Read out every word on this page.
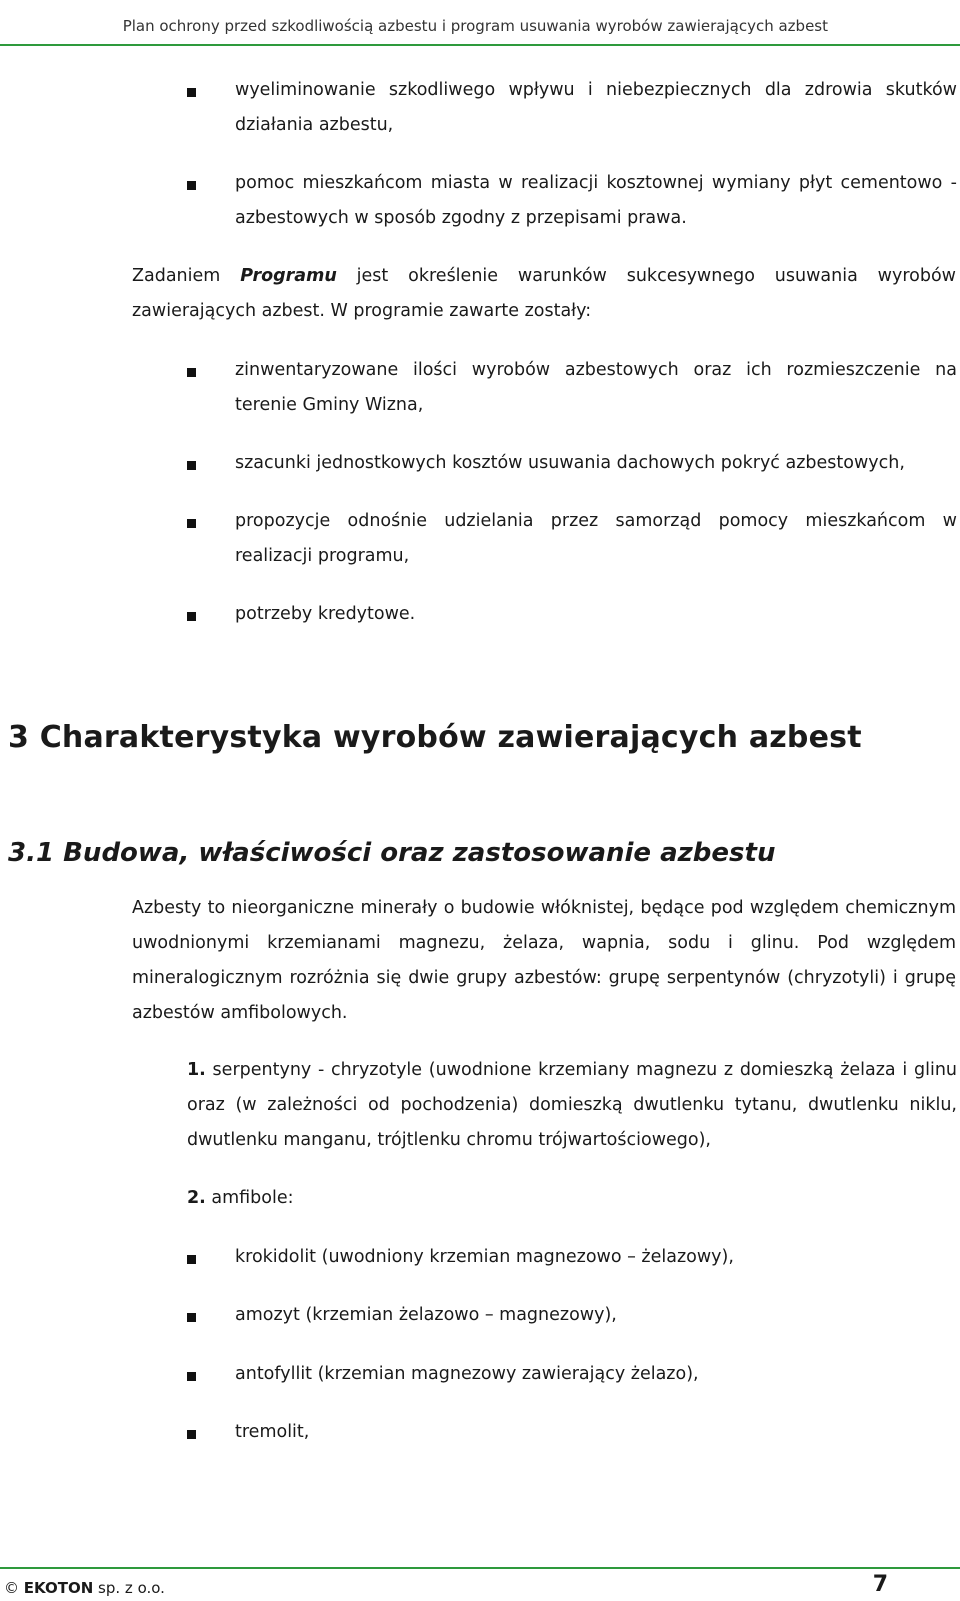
Plan ochrony przed szkodliwością azbestu i program usuwania wyrobów zawierających azbest
wyeliminowanie szkodliwego wpływu i niebezpiecznych dla zdrowia skutków działania azbestu,
pomoc mieszkańcom miasta w realizacji kosztownej wymiany płyt cementowo - azbestowych w sposób zgodny z przepisami prawa.
Zadaniem Programu jest określenie warunków sukcesywnego usuwania wyrobów zawierających azbest. W programie zawarte zostały:
zinwentaryzowane ilości wyrobów azbestowych oraz ich rozmieszczenie na terenie Gminy Wizna,
szacunki jednostkowych kosztów usuwania dachowych pokryć azbestowych,
propozycje odnośnie udzielania przez samorząd pomocy mieszkańcom w realizacji programu,
potrzeby kredytowe.
3 Charakterystyka wyrobów zawierających azbest
3.1 Budowa, właściwości oraz zastosowanie azbestu
Azbesty to nieorganiczne minerały o budowie włóknistej, będące pod względem chemicznym uwodnionymi krzemianami magnezu, żelaza, wapnia, sodu i glinu. Pod względem mineralogicznym rozróżnia się dwie grupy azbestów: grupę serpentynów (chryzotyli) i grupę azbestów amfibolowych.
1. serpentyny - chryzotyle (uwodnione krzemiany magnezu z domieszką żelaza i glinu oraz (w zależności od pochodzenia) domieszką dwutlenku tytanu, dwutlenku niklu, dwutlenku manganu, trójtlenku chromu trójwartościowego),
2. amfibole:
krokidolit (uwodniony krzemian magnezowo – żelazowy),
amozyt (krzemian żelazowo – magnezowy),
antofyllit (krzemian magnezowy zawierający żelazo),
tremolit,
© EKOTON sp. z o.o.	7
